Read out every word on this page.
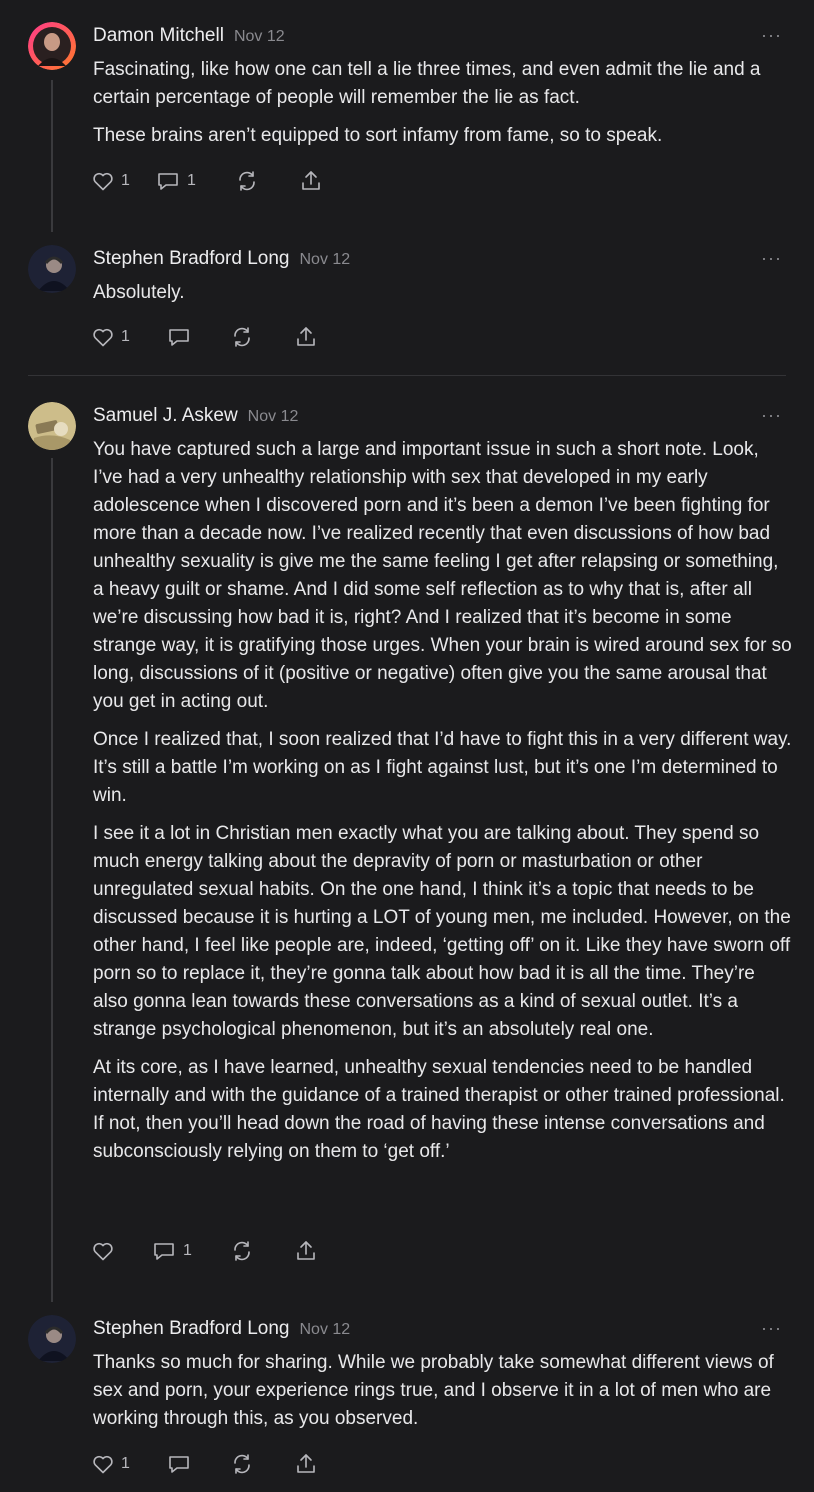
Damon Mitchell Nov 12	···

Fascinating, like how one can tell a lie three times, and even admit the lie and a certain percentage of people will remember the lie as fact.

These brains aren’t equipped to sort infamy from fame, so to speak.

1	1
Stephen Bradford Long Nov 12	···

Absolutely.

1
Samuel J. Askew Nov 12	···

You have captured such a large and important issue in such a short note. Look, I’ve had a very unhealthy relationship with sex that developed in my early adolescence when I discovered porn and it’s been a demon I’ve been fighting for more than a decade now. I’ve realized recently that even discussions of how bad unhealthy sexuality is give me the same feeling I get after relapsing or something, a heavy guilt or shame. And I did some self reflection as to why that is, after all we’re discussing how bad it is, right? And I realized that it’s become in some strange way, it is gratifying those urges. When your brain is wired around sex for so long, discussions of it (positive or negative) often give you the same arousal that you get in acting out.

Once I realized that, I soon realized that I’d have to fight this in a very different way. It’s still a battle I’m working on as I fight against lust, but it’s one I’m determined to win.

I see it a lot in Christian men exactly what you are talking about. They spend so much energy talking about the depravity of porn or masturbation or other unregulated sexual habits. On the one hand, I think it’s a topic that needs to be discussed because it is hurting a LOT of young men, me included. However, on the other hand, I feel like people are, indeed, ‘getting off’ on it. Like they have sworn off porn so to replace it, they’re gonna talk about how bad it is all the time. They’re also gonna lean towards these conversations as a kind of sexual outlet. It’s a strange psychological phenomenon, but it’s an absolutely real one.

At its core, as I have learned, unhealthy sexual tendencies need to be handled internally and with the guidance of a trained therapist or other trained professional. If not, then you’ll head down the road of having these intense conversations and subconsciously relying on them to ‘get off.’

1
Stephen Bradford Long Nov 12	···

Thanks so much for sharing. While we probably take somewhat different views of sex and porn, your experience rings true, and I observe it in a lot of men who are working through this, as you observed.

1
